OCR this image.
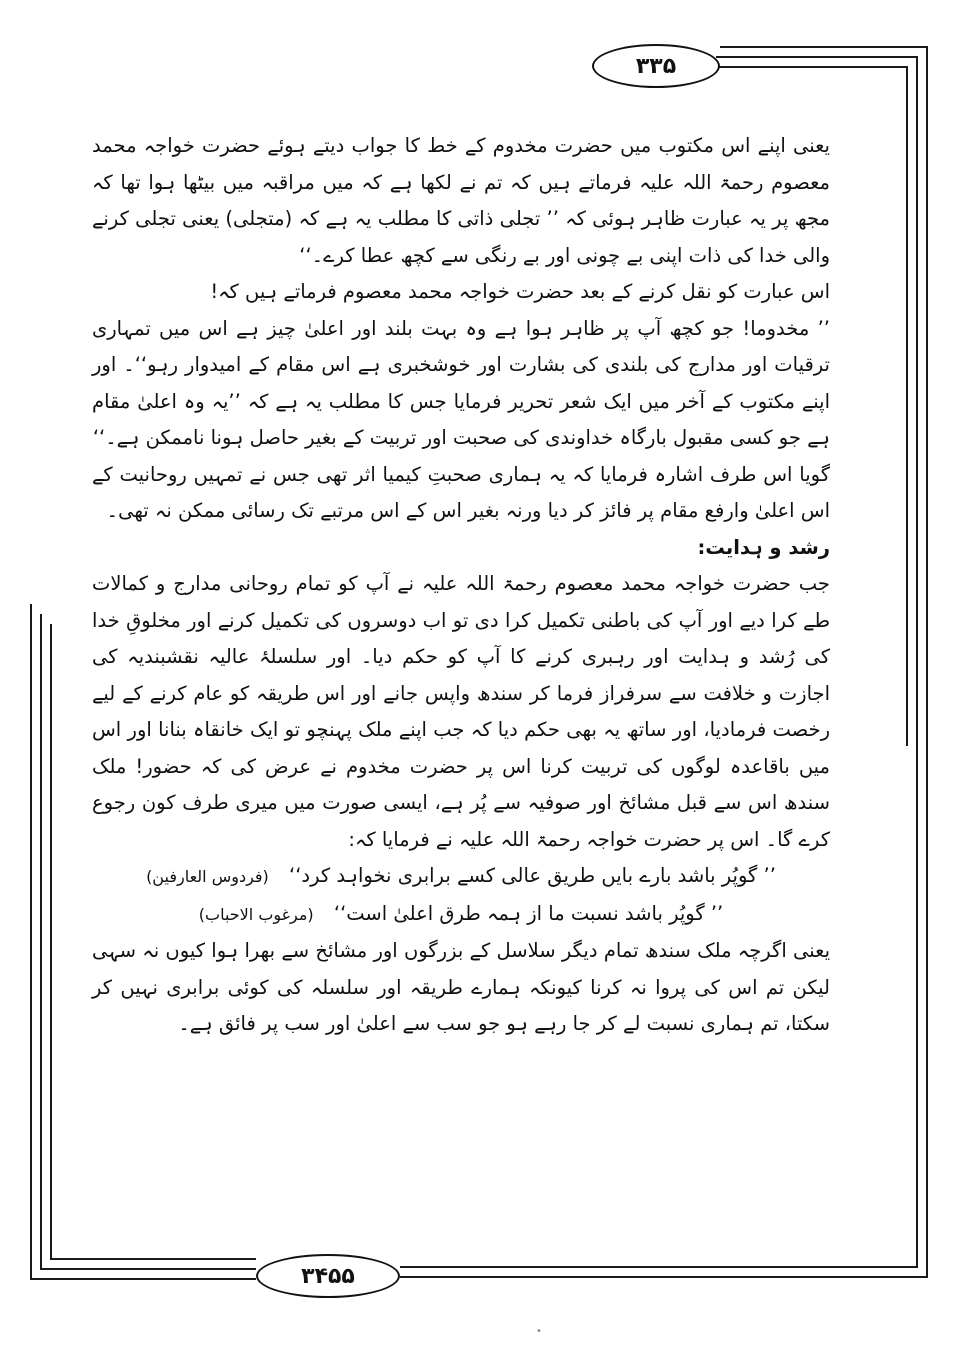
۳۳۵
۳۴۵۵

یعنی اپنے اس مکتوب میں حضرت مخدوم کے خط کا جواب دیتے ہوئے حضرت خواجہ محمد معصوم رحمۃ اللہ علیہ فرماتے ہیں کہ تم نے لکھا ہے کہ میں مراقبہ میں بیٹھا ہوا تھا کہ مجھ پر یہ عبارت ظاہر ہوئی کہ ’’ تجلی ذاتی کا مطلب یہ ہے کہ (متجلی) یعنی تجلی کرنے والی خدا کی ذات اپنی بے چونی اور بے رنگی سے کچھ عطا کرے۔‘‘

اس عبارت کو نقل کرنے کے بعد حضرت خواجہ محمد معصوم فرماتے ہیں کہ!

’’ مخدوما! جو کچھ آپ پر ظاہر ہوا ہے وہ بہت بلند اور اعلیٰ چیز ہے اس میں تمہاری ترقیات اور مدارج کی بلندی کی بشارت اور خوشخبری ہے اس مقام کے امیدوار رہو‘‘۔ اور اپنے مکتوب کے آخر میں ایک شعر تحریر فرمایا جس کا مطلب یہ ہے کہ ’’یہ وہ اعلیٰ مقام ہے جو کسی مقبول بارگاہ خداوندی کی صحبت اور تربیت کے بغیر حاصل ہونا ناممکن ہے۔‘‘

گویا اس طرف اشارہ فرمایا کہ یہ ہماری صحبتِ کیمیا اثر تھی جس نے تمہیں روحانیت کے اس اعلیٰ وارفع مقام پر فائز کر دیا ورنہ بغیر اس کے اس مرتبے تک رسائی ممکن نہ تھی۔

رشد و ہدایت:

جب حضرت خواجہ محمد معصوم رحمۃ اللہ علیہ نے آپ کو تمام روحانی مدارج و کمالات طے کرا دیے اور آپ کی باطنی تکمیل کرا دی تو اب دوسروں کی تکمیل کرنے اور مخلوقِ خدا کی رُشد و ہدایت اور رہبری کرنے کا آپ کو حکم دیا۔ اور سلسلۂ عالیہ نقشبندیہ کی اجازت و خلافت سے سرفراز فرما کر سندھ واپس جانے اور اس طریقہ کو عام کرنے کے لیے رخصت فرمادیا، اور ساتھ یہ بھی حکم دیا کہ جب اپنے ملک پہنچو تو ایک خانقاہ بنانا اور اس میں باقاعدہ لوگوں کی تربیت کرنا اس پر حضرت مخدوم نے عرض کی کہ حضور! ملک سندھ اس سے قبل مشائخ اور صوفیہ سے پُر ہے، ایسی صورت میں میری طرف کون رجوع کرے گا۔ اس پر حضرت خواجہ رحمۃ اللہ علیہ نے فرمایا کہ:

’’ گوپُر باشد بارے بایں طریق عالی کسے برابری نخواہد کرد‘‘ (فردوس العارفین)

’’ گوپُر باشد نسبت ما از ہمہ طرق اعلیٰ است‘‘ (مرغوب الاحباب)

یعنی اگرچہ ملک سندھ تمام دیگر سلاسل کے بزرگوں اور مشائخ سے بھرا ہوا کیوں نہ سہی لیکن تم اس کی پروا نہ کرنا کیونکہ ہمارے طریقہ اور سلسلہ کی کوئی برابری نہیں کر سکتا، تم ہماری نسبت لے کر جا رہے ہو جو سب سے اعلیٰ اور سب پر فائق ہے۔

•
